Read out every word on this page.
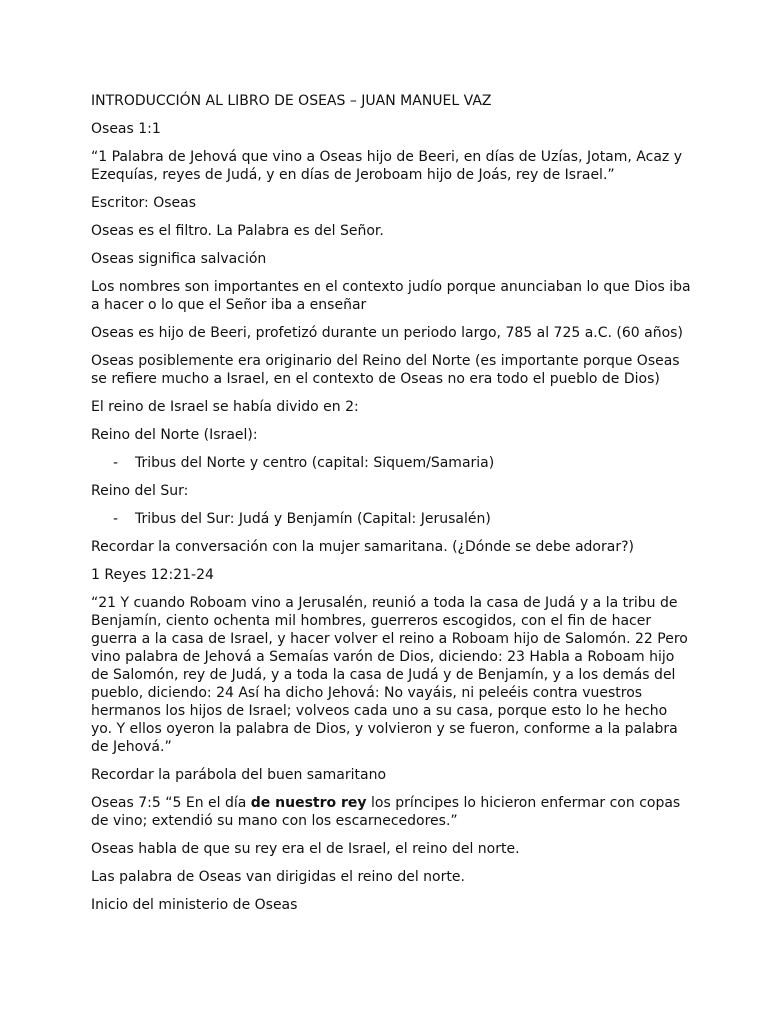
INTRODUCCIÓN AL LIBRO DE OSEAS – JUAN MANUEL VAZ

Oseas 1:1

“1 Palabra de Jehová que vino a Oseas hijo de Beeri, en días de Uzías, Jotam, Acaz y Ezequías, reyes de Judá, y en días de Jeroboam hijo de Joás, rey de Israel.”

Escritor: Oseas

Oseas es el filtro. La Palabra es del Señor.

Oseas significa salvación

Los nombres son importantes en el contexto judío porque anunciaban lo que Dios iba a hacer o lo que el Señor iba a enseñar

Oseas es hijo de Beeri, profetizó durante un periodo largo, 785 al 725 a.C. (60 años)

Oseas posiblemente era originario del Reino del Norte (es importante porque Oseas se refiere mucho a Israel, en el contexto de Oseas no era todo el pueblo de Dios)

El reino de Israel se había divido en 2:

Reino del Norte (Israel):

- Tribus del Norte y centro (capital: Siquem/Samaria)

Reino del Sur:

- Tribus del Sur: Judá y Benjamín (Capital: Jerusalén)

Recordar la conversación con la mujer samaritana. (¿Dónde se debe adorar?)

1 Reyes 12:21-24

“21 Y cuando Roboam vino a Jerusalén, reunió a toda la casa de Judá y a la tribu de Benjamín, ciento ochenta mil hombres, guerreros escogidos, con el fin de hacer guerra a la casa de Israel, y hacer volver el reino a Roboam hijo de Salomón. 22 Pero vino palabra de Jehová a Semaías varón de Dios, diciendo: 23 Habla a Roboam hijo de Salomón, rey de Judá, y a toda la casa de Judá y de Benjamín, y a los demás del pueblo, diciendo: 24 Así ha dicho Jehová: No vayáis, ni peleéis contra vuestros hermanos los hijos de Israel; volveos cada uno a su casa, porque esto lo he hecho yo. Y ellos oyeron la palabra de Dios, y volvieron y se fueron, conforme a la palabra de Jehová.”

Recordar la parábola del buen samaritano

Oseas 7:5 “5 En el día de nuestro rey los príncipes lo hicieron enfermar con copas de vino; extendió su mano con los escarnecedores.”

Oseas habla de que su rey era el de Israel, el reino del norte.

Las palabra de Oseas van dirigidas el reino del norte.

Inicio del ministerio de Oseas
